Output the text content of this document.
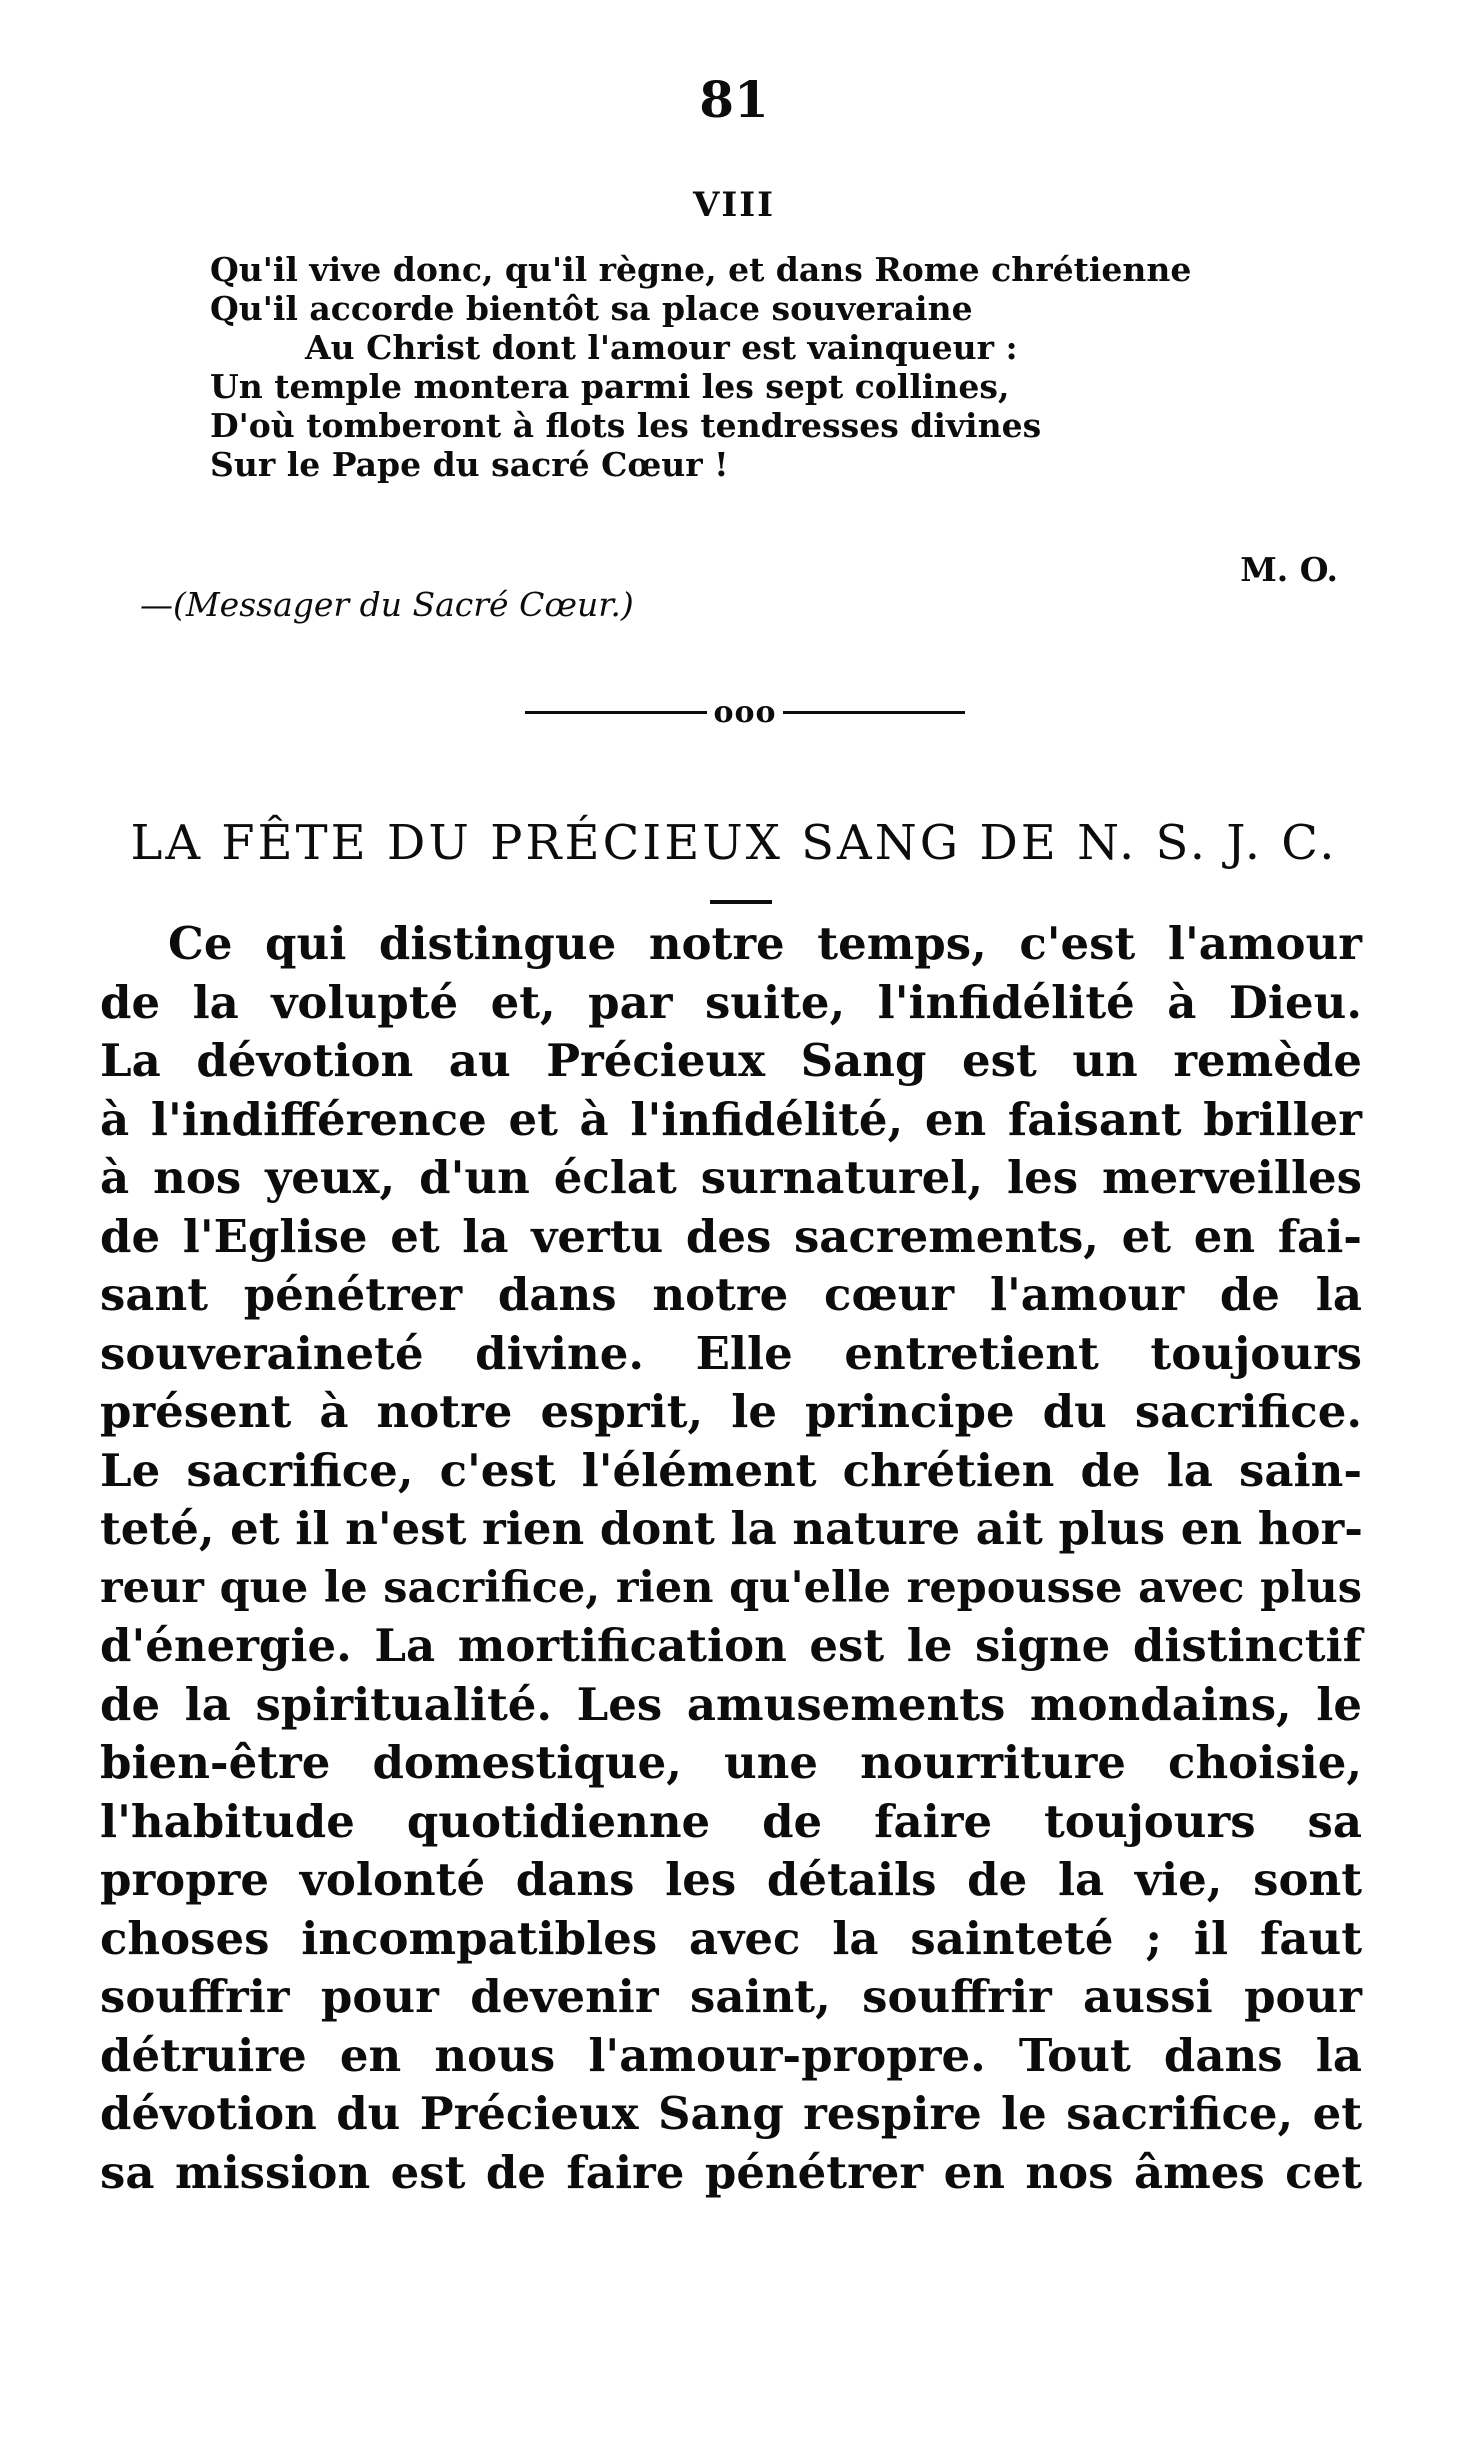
81
VIII
Qu'il vive donc, qu'il règne, et dans Rome chrétienne
Qu'il accorde bientôt sa place souveraine
Au Christ dont l'amour est vainqueur :
Un temple montera parmi les sept collines,
D'où tomberont à flots les tendresses divines
Sur le Pape du sacré Cœur !
M. O.
—(Messager du Sacré Cœur.)
ooo
LA FÊTE DU PRÉCIEUX SANG DE N. S. J. C.
Ce qui distingue notre temps, c'est l'amour
de la volupté et, par suite, l'infidélité à Dieu.
La dévotion au Précieux Sang est un remède
à l'indifférence et à l'infidélité, en faisant briller
à nos yeux, d'un éclat surnaturel, les merveilles
de l'Eglise et la vertu des sacrements, et en fai-
sant pénétrer dans notre cœur l'amour de la
souveraineté divine. Elle entretient toujours
présent à notre esprit, le principe du sacrifice.
Le sacrifice, c'est l'élément chrétien de la sain-
teté, et il n'est rien dont la nature ait plus en hor-
reur que le sacrifice, rien qu'elle repousse avec plus
d'énergie. La mortification est le signe distinctif
de la spiritualité. Les amusements mondains, le
bien-être domestique, une nourriture choisie,
l'habitude quotidienne de faire toujours sa
propre volonté dans les détails de la vie, sont
choses incompatibles avec la sainteté ; il faut
souffrir pour devenir saint, souffrir aussi pour
détruire en nous l'amour-propre. Tout dans la
dévotion du Précieux Sang respire le sacrifice, et
sa mission est de faire pénétrer en nos âmes cet
